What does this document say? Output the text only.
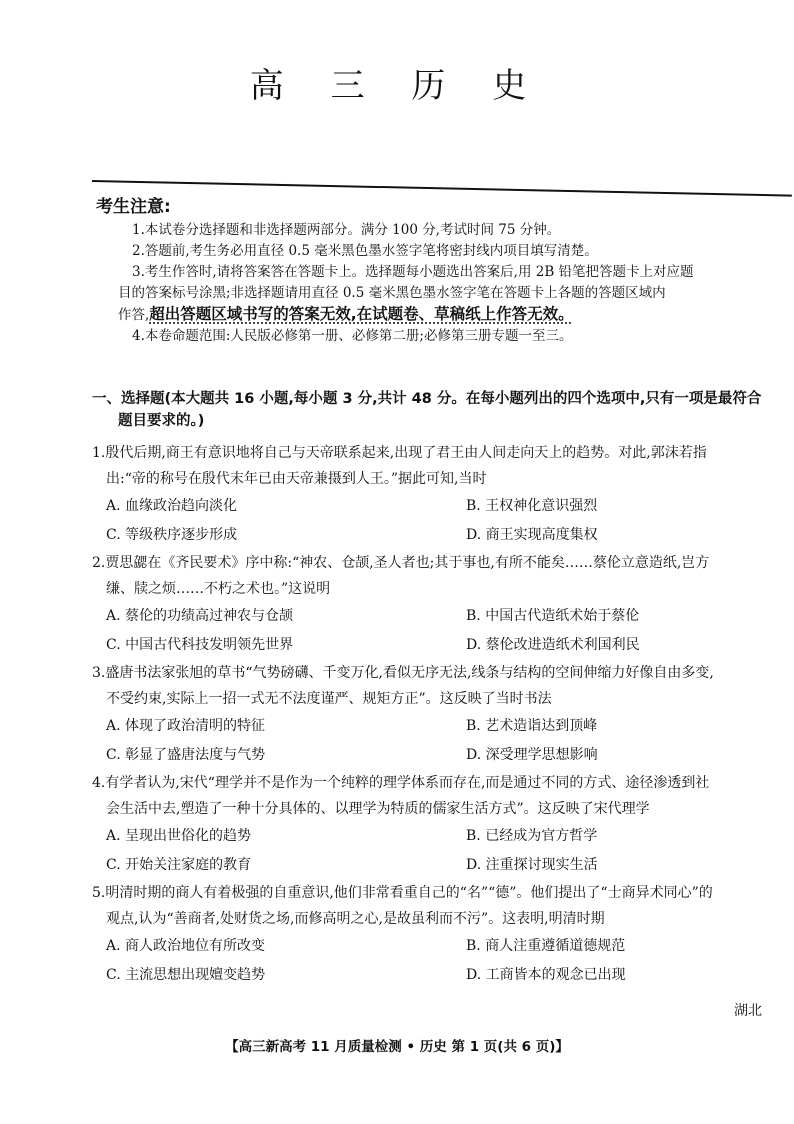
高 三 历 史
考生注意:

1.本试卷分选择题和非选择题两部分。满分 100 分,考试时间 75 分钟。

2.答题前,考生务必用直径 0.5 毫米黑色墨水签字笔将密封线内项目填写清楚。

3.考生作答时,请将答案答在答题卡上。选择题每小题选出答案后,用 2B 铅笔把答题卡上对应题

目的答案标号涂黑;非选择题请用直径 0.5 毫米黑色墨水签字笔在答题卡上各题的答题区域内

作答,超出答题区域书写的答案无效,在试题卷、草稿纸上作答无效。

4.本卷命题范围:人民版必修第一册、必修第二册;必修第三册专题一至三。

一、选择题(本大题共 16 小题,每小题 3 分,共计 48 分。在每小题列出的四个选项中,只有一项是最符合
题目要求的。)
1.殷代后期,商王有意识地将自己与天帝联系起来,出现了君王由人间走向天上的趋势。对此,郭沫若指
出:“帝的称号在殷代末年已由天帝兼摄到人王。”据此可知,当时
A. 血缘政治趋向淡化	B. 王权神化意识强烈
C. 等级秩序逐步形成	D. 商王实现高度集权
2.贾思勰在《齐民要术》序中称:“神农、仓颉,圣人者也;其于事也,有所不能矣……蔡伦立意造纸,岂方
缣、牍之烦……不朽之术也。”这说明
A. 蔡伦的功绩高过神农与仓颉	B. 中国古代造纸术始于蔡伦
C. 中国古代科技发明领先世界	D. 蔡伦改进造纸术利国利民
3.盛唐书法家张旭的草书“气势磅礴、千变万化,看似无序无法,线条与结构的空间伸缩力好像自由多变,
不受约束,实际上一招一式无不法度谨严、规矩方正”。这反映了当时书法
A. 体现了政治清明的特征	B. 艺术造诣达到顶峰
C. 彰显了盛唐法度与气势	D. 深受理学思想影响
4.有学者认为,宋代“理学并不是作为一个纯粹的理学体系而存在,而是通过不同的方式、途径渗透到社
会生活中去,塑造了一种十分具体的、以理学为特质的儒家生活方式”。这反映了宋代理学
A. 呈现出世俗化的趋势	B. 已经成为官方哲学
C. 开始关注家庭的教育	D. 注重探讨现实生活
5.明清时期的商人有着极强的自重意识,他们非常看重自己的“名”“德”。他们提出了“士商异术同心”的
观点,认为“善商者,处财货之场,而修高明之心,是故虽利而不污”。这表明,明清时期
A. 商人政治地位有所改变	B. 商人注重遵循道德规范
C. 主流思想出现嬗变趋势	D. 工商皆本的观念已出现
湖北
【高三新高考 11 月质量检测 • 历史 第 1 页(共 6 页)】
